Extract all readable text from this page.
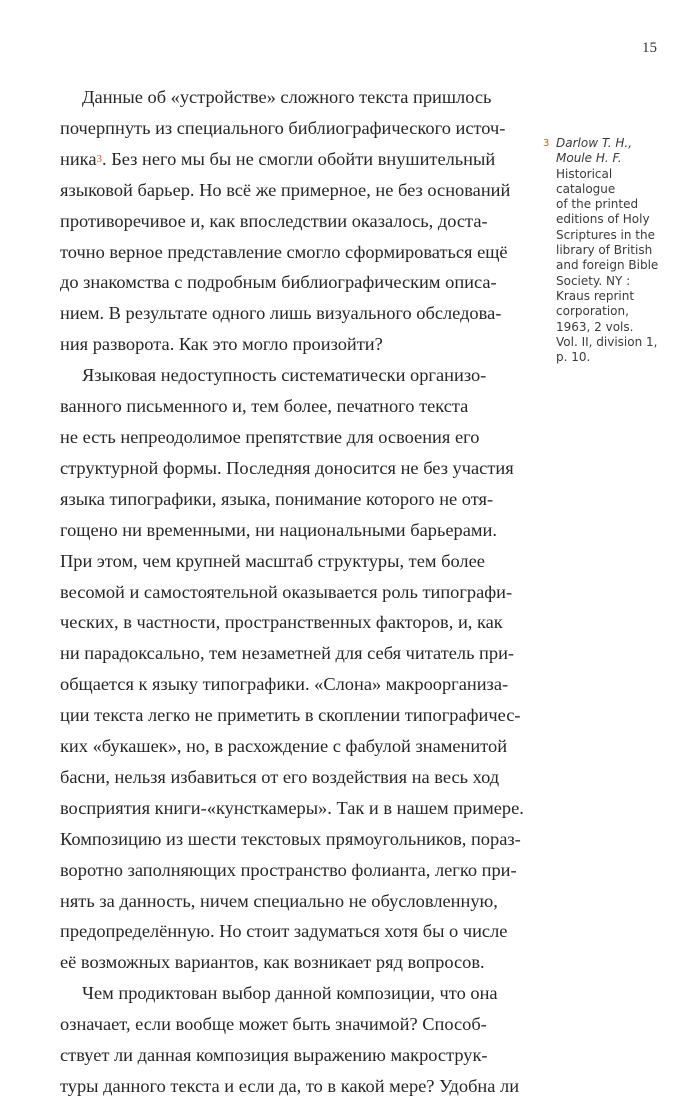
15
Данные об «устройстве» сложного текста пришлось
почерпнуть из специального библиографического источ-
ника3. Без него мы бы не смогли обойти внушительный
языковой барьер. Но всё же примерное, не без оснований
противоречивое и, как впоследствии оказалось, доста-
точно верное представление смогло сформироваться ещё
до знакомства с подробным библиографическим описа-
нием. В результате одного лишь визуального обследова-
ния разворота. Как это могло произойти?
Языковая недоступность систематически организо-
ванного письменного и, тем более, печатного текста
не есть непреодолимое препятствие для освоения его
структурной формы. Последняя доносится не без участия
языка типографики, языка, понимание которого не отя-
гощено ни временными, ни национальными барьерами.
При этом, чем крупней масштаб структуры, тем более
весомой и самостоятельной оказывается роль типографи-
ческих, в частности, пространственных факторов, и, как
ни парадоксально, тем незаметней для себя читатель при-
общается к языку типографики. «Слона» макроорганиза-
ции текста легко не приметить в скоплении типографичес-
ких «букашек», но, в расхождение с фабулой знаменитой
басни, нельзя избавиться от его воздействия на весь ход
восприятия книги-«кунсткамеры». Так и в нашем примере.
Композицию из шести текстовых прямоугольников, пораз-
воротно заполняющих пространство фолианта, легко при-
нять за данность, ничем специально не обусловленную,
предопределённую. Но стоит задуматься хотя бы о числе
её возможных вариантов, как возникает ряд вопросов.
Чем продиктован выбор данной композиции, что она
означает, если вообще может быть значимой? Способ-
ствует ли данная композиция выражению макрострук-
туры данного текста и если да, то в какой мере? Удобна ли
3 Darlow T. H.,
Moule H. F.
Historical
catalogue
of the printed
editions of Holy
Scriptures in the
library of British
and foreign Bible
Society. NY :
Kraus reprint
corporation,
1963, 2 vols.
Vol. II, division 1,
p. 10.
